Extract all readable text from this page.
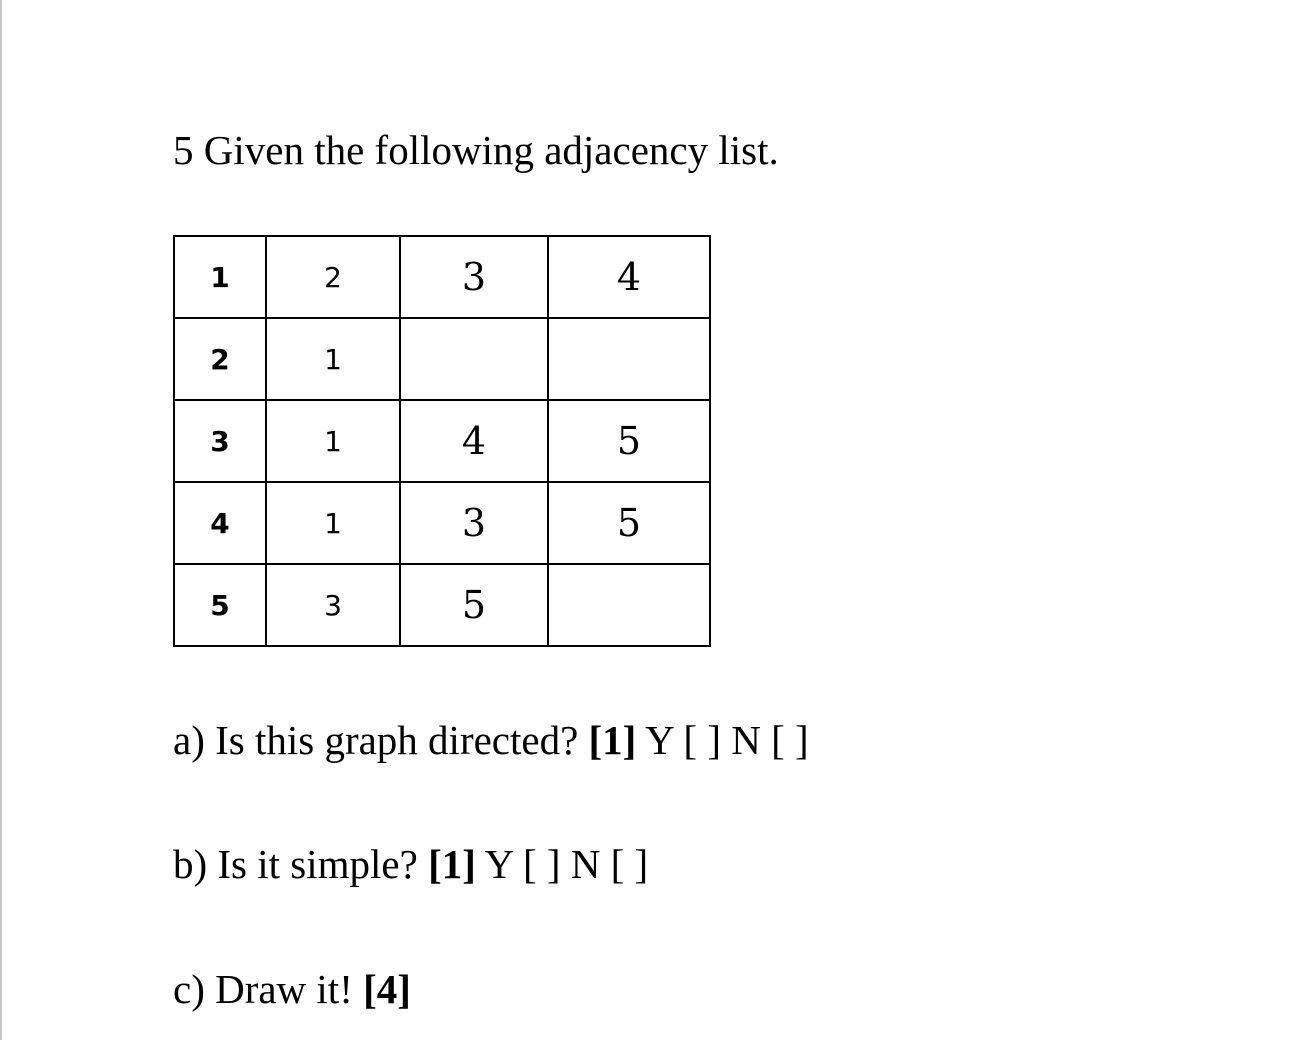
5 Given the following adjacency list.
1	2	3	4
2	1		
3	1	4	5
4	1	3	5
5	3	5	
a) Is this graph directed? [1] Y [ ] N [ ]
b) Is it simple? [1] Y [ ] N [ ]
c) Draw it! [4]
